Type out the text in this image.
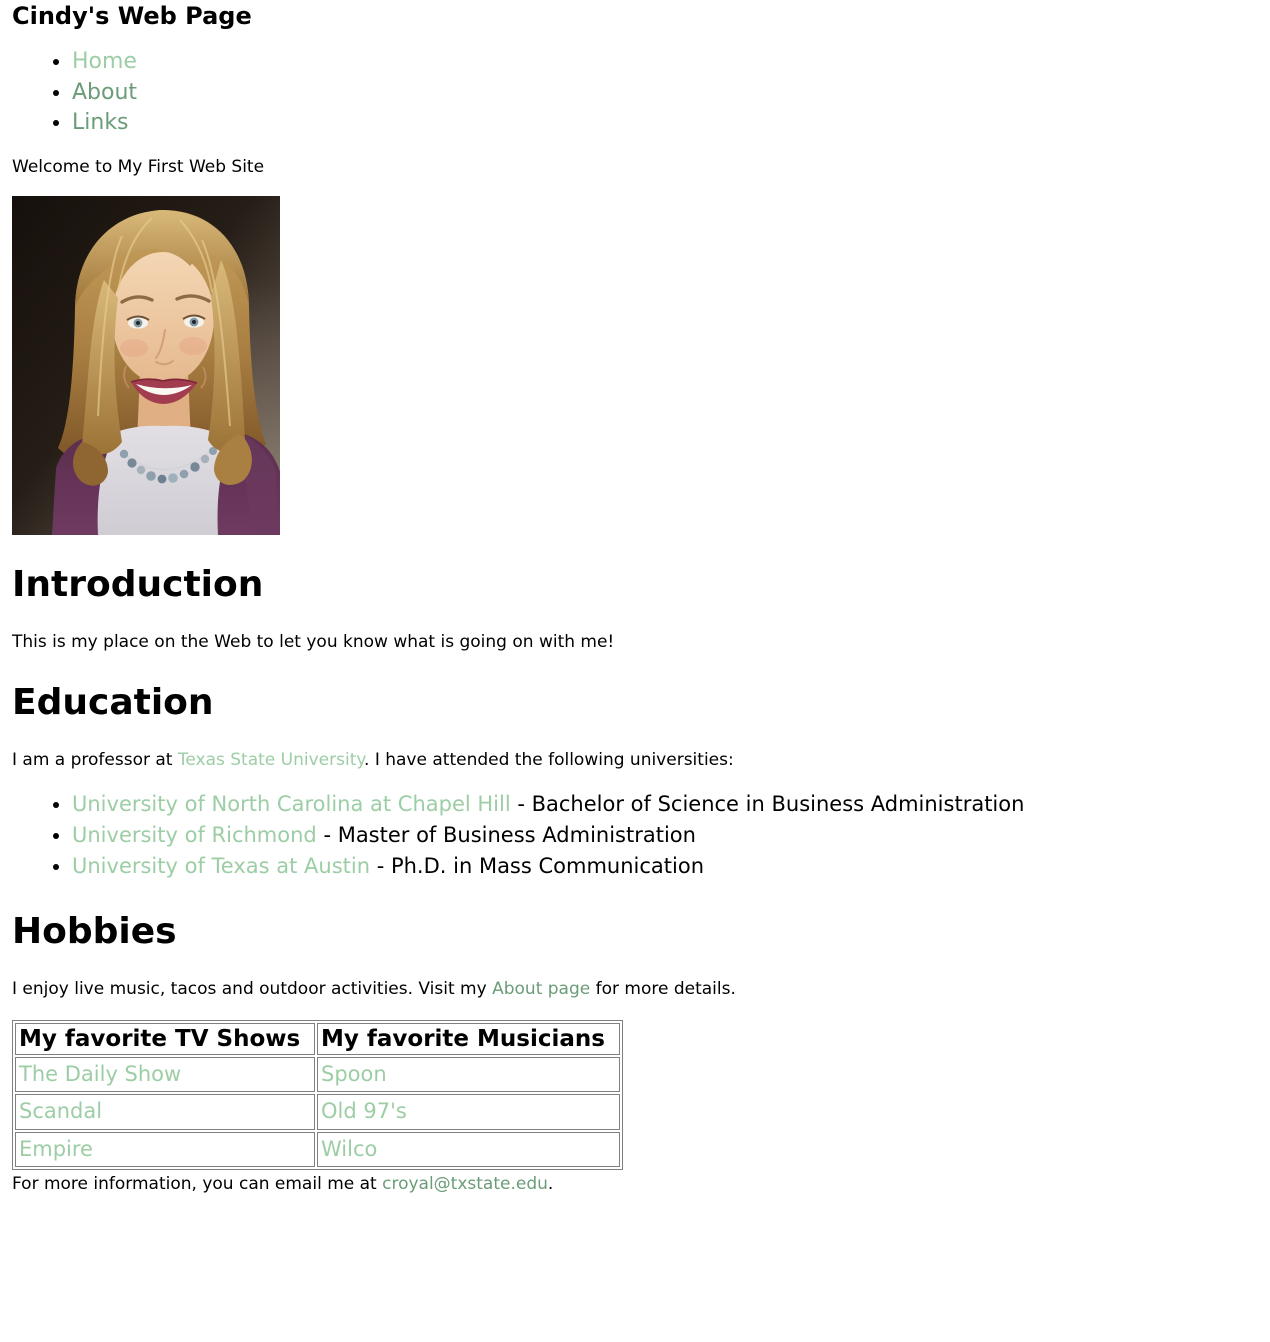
Cindy's Web Page
• Home
• About
• Links

Welcome to My First Web Site

Introduction

This is my place on the Web to let you know what is going on with me!

Education

I am a professor at Texas State University. I have attended the following universities:

• University of North Carolina at Chapel Hill - Bachelor of Science in Business Administration
• University of Richmond - Master of Business Administration
• University of Texas at Austin - Ph.D. in Mass Communication
Hobbies

I enjoy live music, tacos and outdoor activities. Visit my About page for more details.

My favorite TV Shows	My favorite Musicians
The Daily Show	Spoon
Scandal	Old 97's
Empire	Wilco

For more information, you can email me at croyal@txstate.edu.
